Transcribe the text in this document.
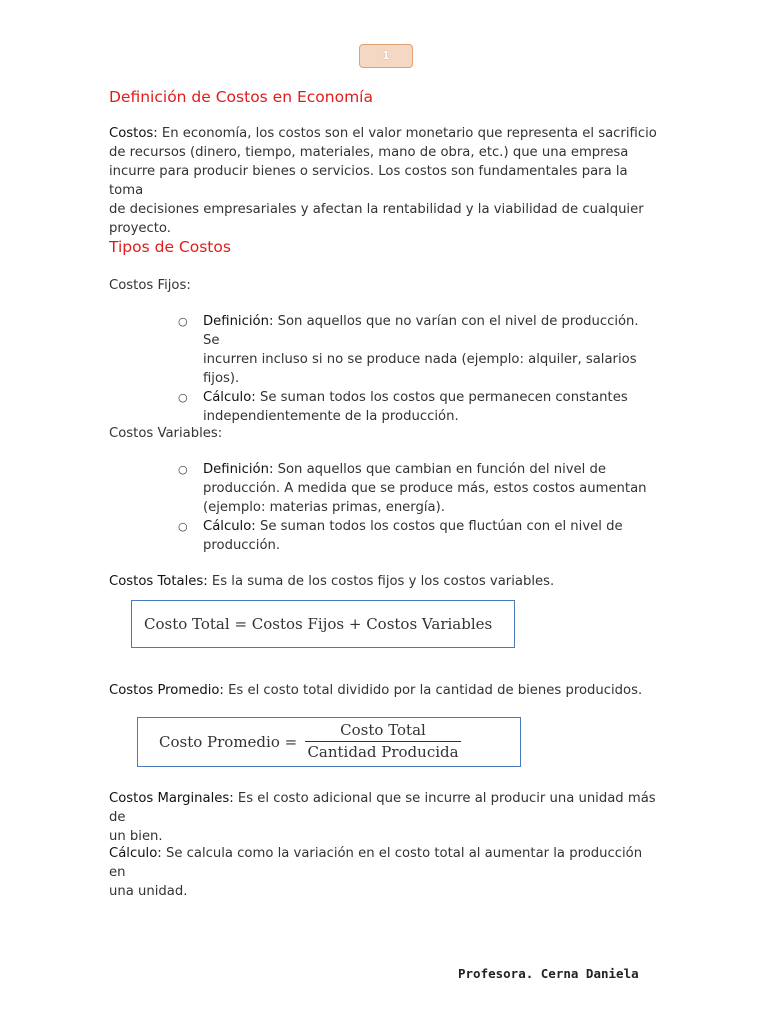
1
Definición de Costos en Economía
Costos: En economía, los costos son el valor monetario que representa el sacrificio
de recursos (dinero, tiempo, materiales, mano de obra, etc.) que una empresa
incurre para producir bienes o servicios. Los costos son fundamentales para la toma
de decisiones empresariales y afectan la rentabilidad y la viabilidad de cualquier
proyecto.
Tipos de Costos
Costos Fijos:
○ Definición: Son aquellos que no varían con el nivel de producción. Se
incurren incluso si no se produce nada (ejemplo: alquiler, salarios
fijos).
○ Cálculo: Se suman todos los costos que permanecen constantes
independientemente de la producción.
Costos Variables:
○ Definición: Son aquellos que cambian en función del nivel de
producción. A medida que se produce más, estos costos aumentan
(ejemplo: materias primas, energía).
○ Cálculo: Se suman todos los costos que fluctúan con el nivel de
producción.
Costos Totales: Es la suma de los costos fijos y los costos variables.
Costo Total = Costos Fijos + Costos Variables
Costos Promedio: Es el costo total dividido por la cantidad de bienes producidos.
Costo Promedio =
Costo Total
Cantidad Producida
Costos Marginales: Es el costo adicional que se incurre al producir una unidad más de
un bien.
Cálculo: Se calcula como la variación en el costo total al aumentar la producción en
una unidad.
Profesora. Cerna Daniela
